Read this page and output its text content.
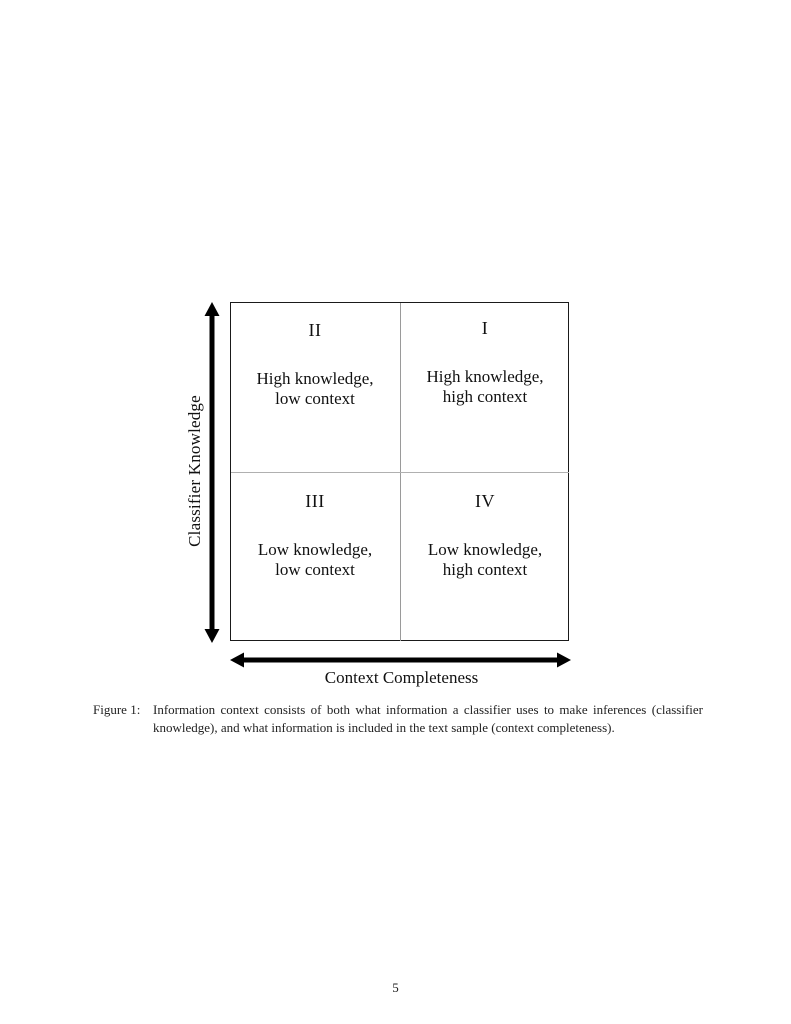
II
High knowledge,
low context
I
High knowledge,
high context
III
Low knowledge,
low context
IV
Low knowledge,
high context
Classifier Knowledge
Context Completeness
Figure 1: Information context consists of both what information a classifier uses to make inferences (classifier knowledge), and what information is included in the text sample (context completeness).
5
